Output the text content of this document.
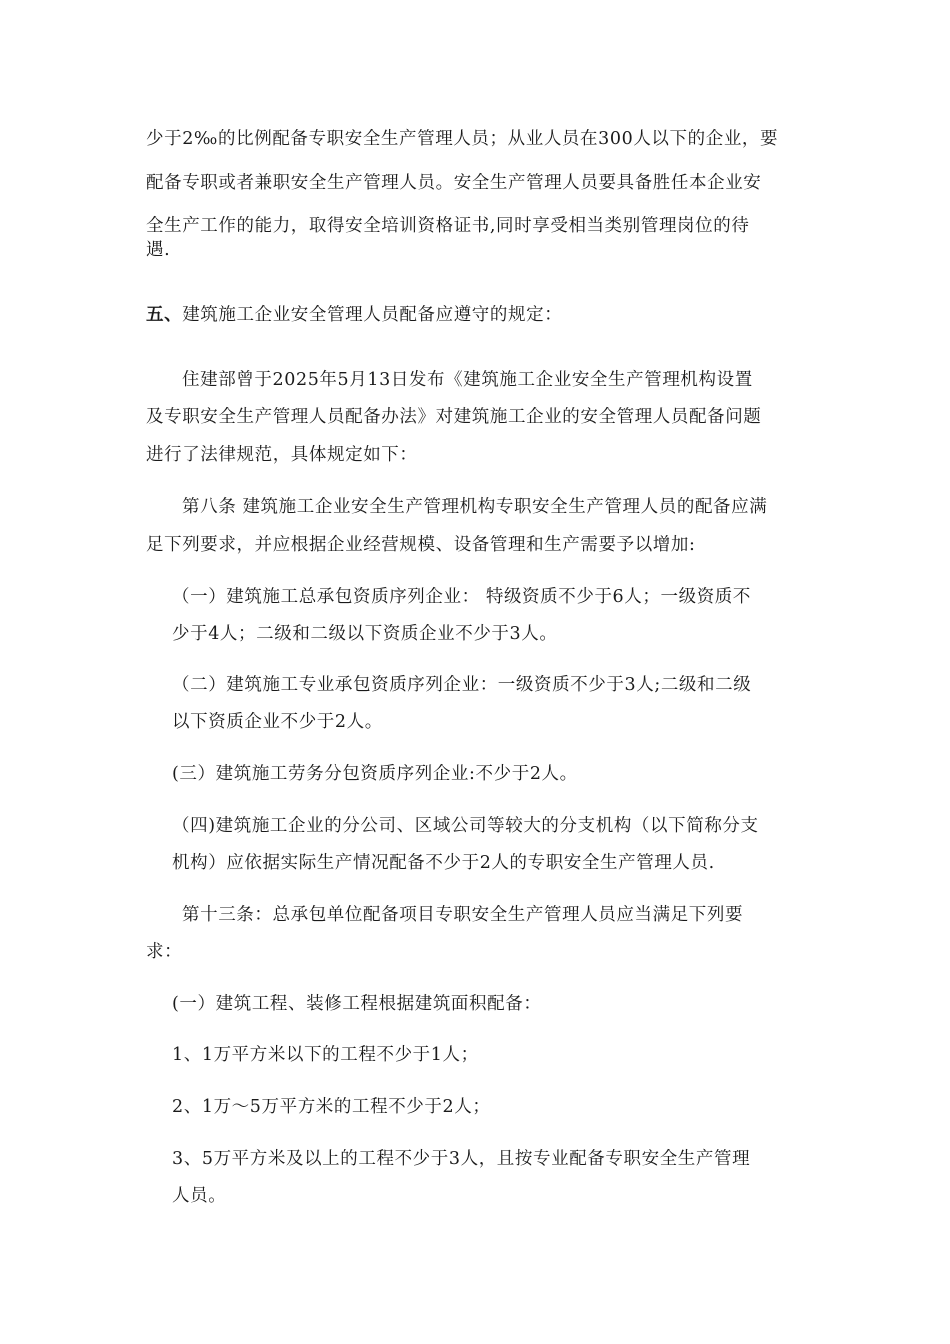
少于2‰的比例配备专职安全生产管理人员；从业人员在300人以下的企业，要
配备专职或者兼职安全生产管理人员。安全生产管理人员要具备胜任本企业安
全生产工作的能力，取得安全培训资格证书,同时享受相当类别管理岗位的待
遇.
五、建筑施工企业安全管理人员配备应遵守的规定：
住建部曾于2025年5月13日发布《建筑施工企业安全生产管理机构设置
及专职安全生产管理人员配备办法》对建筑施工企业的安全管理人员配备问题
进行了法律规范，具体规定如下：
第八条 建筑施工企业安全生产管理机构专职安全生产管理人员的配备应满
足下列要求，并应根据企业经营规模、设备管理和生产需要予以增加:
（一）建筑施工总承包资质序列企业： 特级资质不少于6人；一级资质不
少于4人；二级和二级以下资质企业不少于3人。
（二）建筑施工专业承包资质序列企业：一级资质不少于3人;二级和二级
以下资质企业不少于2人。
(三）建筑施工劳务分包资质序列企业:不少于2人。
（四)建筑施工企业的分公司、区域公司等较大的分支机构（以下简称分支
机构）应依据实际生产情况配备不少于2人的专职安全生产管理人员.
第十三条：总承包单位配备项目专职安全生产管理人员应当满足下列要
求：
(一）建筑工程、装修工程根据建筑面积配备：
1、1万平方米以下的工程不少于1人；
2、1万～5万平方米的工程不少于2人；
3、5万平方米及以上的工程不少于3人，且按专业配备专职安全生产管理
人员。
